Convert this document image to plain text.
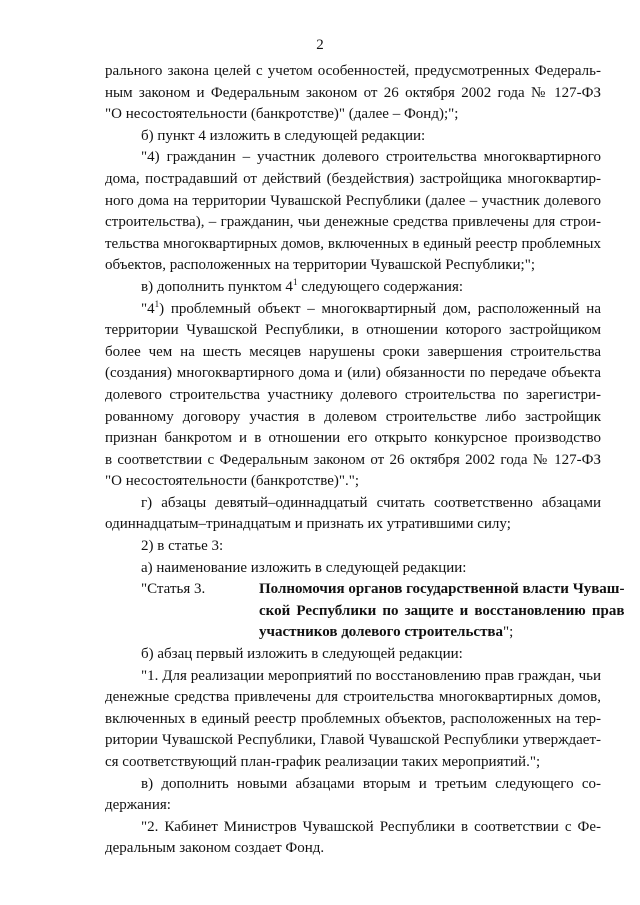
2
рального закона целей с учетом особенностей, предусмотренных Федераль-
ным законом и Федеральным законом от 26 октября 2002 года № 127-ФЗ
"О несостоятельности (банкротстве)" (далее – Фонд);";
б) пункт 4 изложить в следующей редакции:
"4) гражданин – участник долевого строительства многоквартирного
дома, пострадавший от действий (бездействия) застройщика многоквартир-
ного дома на территории Чувашской Республики (далее – участник долевого
строительства), – гражданин, чьи денежные средства привлечены для строи-
тельства многоквартирных домов, включенных в единый реестр проблемных
объектов, расположенных на территории Чувашской Республики;";
в) дополнить пунктом $4^1$ следующего содержания:
"$4^1$) проблемный объект – многоквартирный дом, расположенный на
территории Чувашской Республики, в отношении которого застройщиком
более чем на шесть месяцев нарушены сроки завершения строительства
(создания) многоквартирного дома и (или) обязанности по передаче объекта
долевого строительства участнику долевого строительства по зарегистри-
рованному договору участия в долевом строительстве либо застройщик
признан банкротом и в отношении его открыто конкурсное производство
в соответствии с Федеральным законом от 26 октября 2002 года № 127-ФЗ
"О несостоятельности (банкротстве)".";
г) абзацы девятый–одиннадцатый считать соответственно абзацами
одиннадцатым–тринадцатым и признать их утратившими силу;
2) в статье 3:
а) наименование изложить в следующей редакции:
"Статья 3.	Полномочия органов государственной власти Чуваш-
ской Республики по защите и восстановлению прав
участников долевого строительства";
б) абзац первый изложить в следующей редакции:
"1. Для реализации мероприятий по восстановлению прав граждан, чьи
денежные средства привлечены для строительства многоквартирных домов,
включенных в единый реестр проблемных объектов, расположенных на тер-
ритории Чувашской Республики, Главой Чувашской Республики утверждает-
ся соответствующий план-график реализации таких мероприятий.";
в) дополнить новыми абзацами вторым и третьим следующего со-
держания:
"2. Кабинет Министров Чувашской Республики в соответствии с Фе-
деральным законом создает Фонд.
